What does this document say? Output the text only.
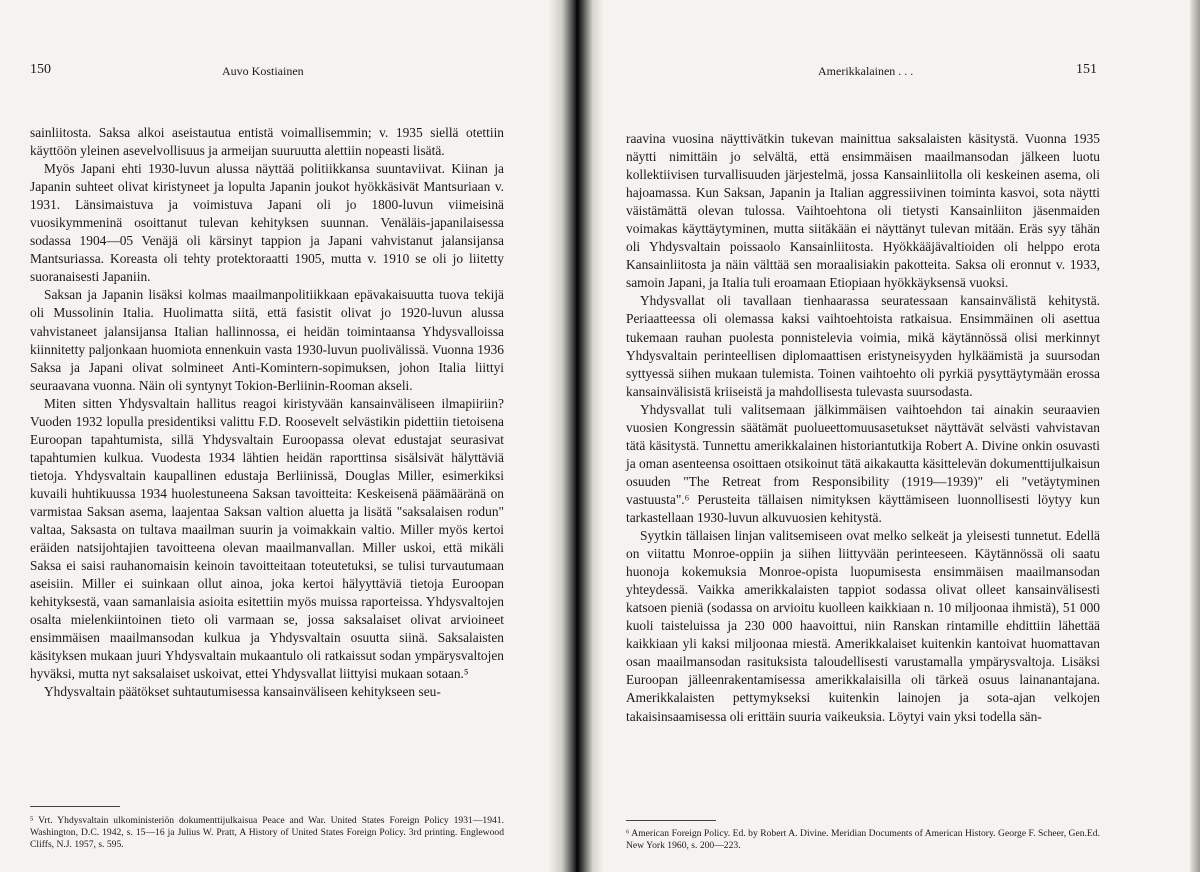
150	Auvo Kostiainen

sainliitosta. Saksa alkoi aseistautua entistä voimallisemmin; v. 1935 siellä otettiin käyttöön yleinen asevelvollisuus ja armeijan suuruutta alettiin nopeasti lisätä.

Myös Japani ehti 1930-luvun alussa näyttää politiikkansa suuntaviivat. Kiinan ja Japanin suhteet olivat kiristyneet ja lopulta Japanin joukot hyökkäsivät Mantsuriaan v. 1931. Länsimaistuva ja voimistuva Japani oli jo 1800-luvun viimeisinä vuosikymmeninä osoittanut tulevan kehityksen suunnan. Venäläis-japanilaisessa sodassa 1904—05 Venäjä oli kärsinyt tappion ja Japani vahvistanut jalansijansa Mantsuriassa. Koreasta oli tehty protektoraatti 1905, mutta v. 1910 se oli jo liitetty suoranaisesti Japaniin.

Saksan ja Japanin lisäksi kolmas maailmanpolitiikkaan epävakaisuutta tuova tekijä oli Mussolinin Italia. Huolimatta siitä, että fasistit olivat jo 1920-luvun alussa vahvistaneet jalansijansa Italian hallinnossa, ei heidän toimintaansa Yhdysvalloissa kiinnitetty paljonkaan huomiota ennenkuin vasta 1930-luvun puolivälissä. Vuonna 1936 Saksa ja Japani olivat solmineet Anti-Komintern-sopimuksen, johon Italia liittyi seuraavana vuonna. Näin oli syntynyt Tokion-Berliinin-Rooman akseli.

Miten sitten Yhdysvaltain hallitus reagoi kiristyvään kansainväliseen ilmapiiriin? Vuoden 1932 lopulla presidentiksi valittu F.D. Roosevelt selvästikin pidettiin tietoisena Euroopan tapahtumista, sillä Yhdysvaltain Euroopassa olevat edustajat seurasivat tapahtumien kulkua. Vuodesta 1934 lähtien heidän raporttinsa sisälsivät hälyttäviä tietoja. Yhdysvaltain kaupallinen edustaja Berliinissä, Douglas Miller, esimerkiksi kuvaili huhtikuussa 1934 huolestuneena Saksan tavoitteita: Keskeisenä päämääränä on varmistaa Saksan asema, laajentaa Saksan valtion aluetta ja lisätä "saksalaisen rodun" valtaa, Saksasta on tultava maailman suurin ja voimakkain valtio. Miller myös kertoi eräiden natsijohtajien tavoitteena olevan maailmanvallan. Miller uskoi, että mikäli Saksa ei saisi rauhanomaisin keinoin tavoitteitaan toteutetuksi, se tulisi turvautumaan aseisiin. Miller ei suinkaan ollut ainoa, joka kertoi hälyyttäviä tietoja Euroopan kehityksestä, vaan samanlaisia asioita esitettiin myös muissa raporteissa. Yhdysvaltojen osalta mielenkiintoinen tieto oli varmaan se, jossa saksalaiset olivat arvioineet ensimmäisen maailmansodan kulkua ja Yhdysvaltain osuutta siinä. Saksalaisten käsityksen mukaan juuri Yhdysvaltain mukaantulo oli ratkaissut sodan ympärysvaltojen hyväksi, mutta nyt saksalaiset uskoivat, ettei Yhdysvallat liittyisi mukaan sotaan.⁵

Yhdysvaltain päätökset suhtautumisessa kansainväliseen kehitykseen seu-

⁵ Vrt. Yhdysvaltain ulkoministeriön dokumenttijulkaisua Peace and War. United States Foreign Policy 1931—1941. Washington, D.C. 1942, s. 15—16 ja Julius W. Pratt, A History of United States Foreign Policy. 3rd printing. Englewood Cliffs, N.J. 1957, s. 595.

Amerikkalainen . . .	151

raavina vuosina näyttivätkin tukevan mainittua saksalaisten käsitystä. Vuonna 1935 näytti nimittäin jo selvältä, että ensimmäisen maailmansodan jälkeen luotu kollektiivisen turvallisuuden järjestelmä, jossa Kansainliitolla oli keskeinen asema, oli hajoamassa. Kun Saksan, Japanin ja Italian aggressiivinen toiminta kasvoi, sota näytti väistämättä olevan tulossa. Vaihtoehtona oli tietysti Kansainliiton jäsenmaiden voimakas käyttäytyminen, mutta siitäkään ei näyttänyt tulevan mitään. Eräs syy tähän oli Yhdysvaltain poissaolo Kansainliitosta. Hyökkääjävaltioiden oli helppo erota Kansainliitosta ja näin välttää sen moraalisiakin pakotteita. Saksa oli eronnut v. 1933, samoin Japani, ja Italia tuli eroamaan Etiopiaan hyökkäyksensä vuoksi.

Yhdysvallat oli tavallaan tienhaarassa seuratessaan kansainvälistä kehitystä. Periaatteessa oli olemassa kaksi vaihtoehtoista ratkaisua. Ensimmäinen oli asettua tukemaan rauhan puolesta ponnistelevia voimia, mikä käytännössä olisi merkinnyt Yhdysvaltain perinteellisen diplomaattisen eristyneisyyden hylkäämistä ja suursodan syttyessä siihen mukaan tulemista. Toinen vaihtoehto oli pyrkiä pysyttäytymään erossa kansainvälisistä kriiseistä ja mahdollisesta tulevasta suursodasta.

Yhdysvallat tuli valitsemaan jälkimmäisen vaihtoehdon tai ainakin seuraavien vuosien Kongressin säätämät puolueettomuusasetukset näyttävät selvästi vahvistavan tätä käsitystä. Tunnettu amerikkalainen historiantutkija Robert A. Divine onkin osuvasti ja oman asenteensa osoittaen otsikoinut tätä aikakautta käsittelevän dokumenttijulkaisun osuuden "The Retreat from Responsibility (1919—1939)" eli "vetäytyminen vastuusta".⁶ Perusteita tällaisen nimityksen käyttämiseen luonnollisesti löytyy kun tarkastellaan 1930-luvun alkuvuosien kehitystä.

Syytkin tällaisen linjan valitsemiseen ovat melko selkeät ja yleisesti tunnetut. Edellä on viitattu Monroe-oppiin ja siihen liittyvään perinteeseen. Käytännössä oli saatu huonoja kokemuksia Monroe-opista luopumisesta ensimmäisen maailmansodan yhteydessä. Vaikka amerikkalaisten tappiot sodassa olivat olleet kansainvälisesti katsoen pieniä (sodassa on arvioitu kuolleen kaikkiaan n. 10 miljoonaa ihmistä), 51 000 kuoli taisteluissa ja 230 000 haavoittui, niin Ranskan rintamille ehdittiin lähettää kaikkiaan yli kaksi miljoonaa miestä. Amerikkalaiset kuitenkin kantoivat huomattavan osan maailmansodan rasituksista taloudellisesti varustamalla ympärysvaltoja. Lisäksi Euroopan jälleenrakentamisessa amerikkalaisilla oli tärkeä osuus lainanantajana. Amerikkalaisten pettymykseksi kuitenkin lainojen ja sota-ajan velkojen takaisinsaamisessa oli erittäin suuria vaikeuksia. Löytyi vain yksi todella sän-

⁶ American Foreign Policy. Ed. by Robert A. Divine. Meridian Documents of American History. George F. Scheer, Gen.Ed. New York 1960, s. 200—223.
